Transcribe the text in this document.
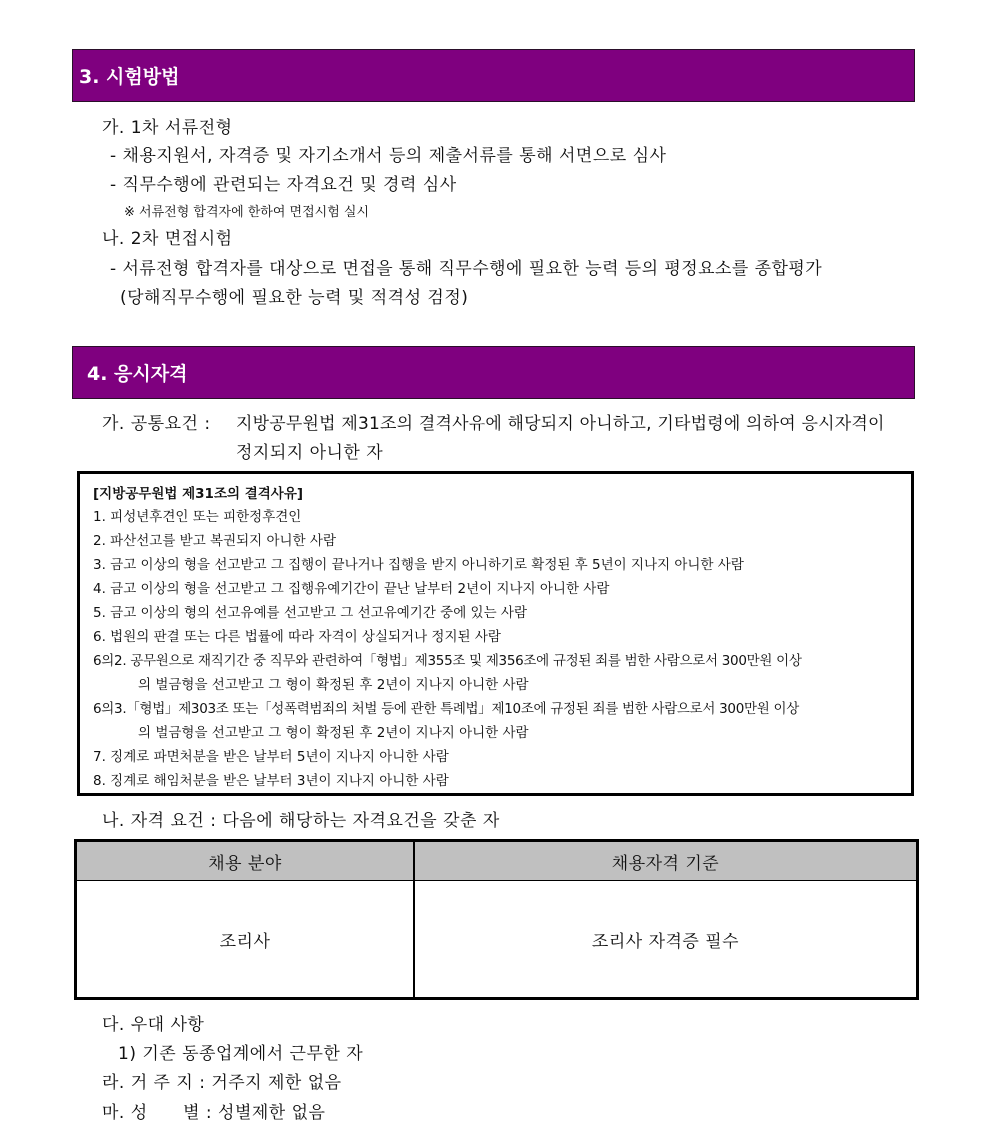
3. 시험방법
가. 1차 서류전형
- 채용지원서, 자격증 및 자기소개서 등의 제출서류를 통해 서면으로 심사
- 직무수행에 관련되는 자격요건 및 경력 심사
※ 서류전형 합격자에 한하여 면접시험 실시
나. 2차 면접시험
- 서류전형 합격자를 대상으로 면접을 통해 직무수행에 필요한 능력 등의 평정요소를 종합평가
(당해직무수행에 필요한 능력 및 적격성 검정)
4. 응시자격
가. 공통요건 : 지방공무원법 제31조의 결격사유에 해당되지 아니하고, 기타법령에 의하여 응시자격이
정지되지 아니한 자
[지방공무원법 제31조의 결격사유]
1. 피성년후견인 또는 피한정후견인
2. 파산선고를 받고 복권되지 아니한 사람
3. 금고 이상의 형을 선고받고 그 집행이 끝나거나 집행을 받지 아니하기로 확정된 후 5년이 지나지 아니한 사람
4. 금고 이상의 형을 선고받고 그 집행유예기간이 끝난 날부터 2년이 지나지 아니한 사람
5. 금고 이상의 형의 선고유예를 선고받고 그 선고유예기간 중에 있는 사람
6. 법원의 판결 또는 다른 법률에 따라 자격이 상실되거나 정지된 사람
6의2. 공무원으로 재직기간 중 직무와 관련하여「형법」제355조 및 제356조에 규정된 죄를 범한 사람으로서 300만원 이상
의 벌금형을 선고받고 그 형이 확정된 후 2년이 지나지 아니한 사람
6의3.「형법」제303조 또는「성폭력범죄의 처벌 등에 관한 특례법」제10조에 규정된 죄를 범한 사람으로서 300만원 이상
의 벌금형을 선고받고 그 형이 확정된 후 2년이 지나지 아니한 사람
7. 징계로 파면처분을 받은 날부터 5년이 지나지 아니한 사람
8. 징계로 해임처분을 받은 날부터 3년이 지나지 아니한 사람
나. 자격 요건 : 다음에 해당하는 자격요건을 갖춘 자
채용 분야	채용자격 기준
조리사	조리사 자격증 필수
다. 우대 사항
1) 기존 동종업계에서 근무한 자
라. 거 주 지 : 거주지 제한 없음
마. 성      별 : 성별제한 없음
